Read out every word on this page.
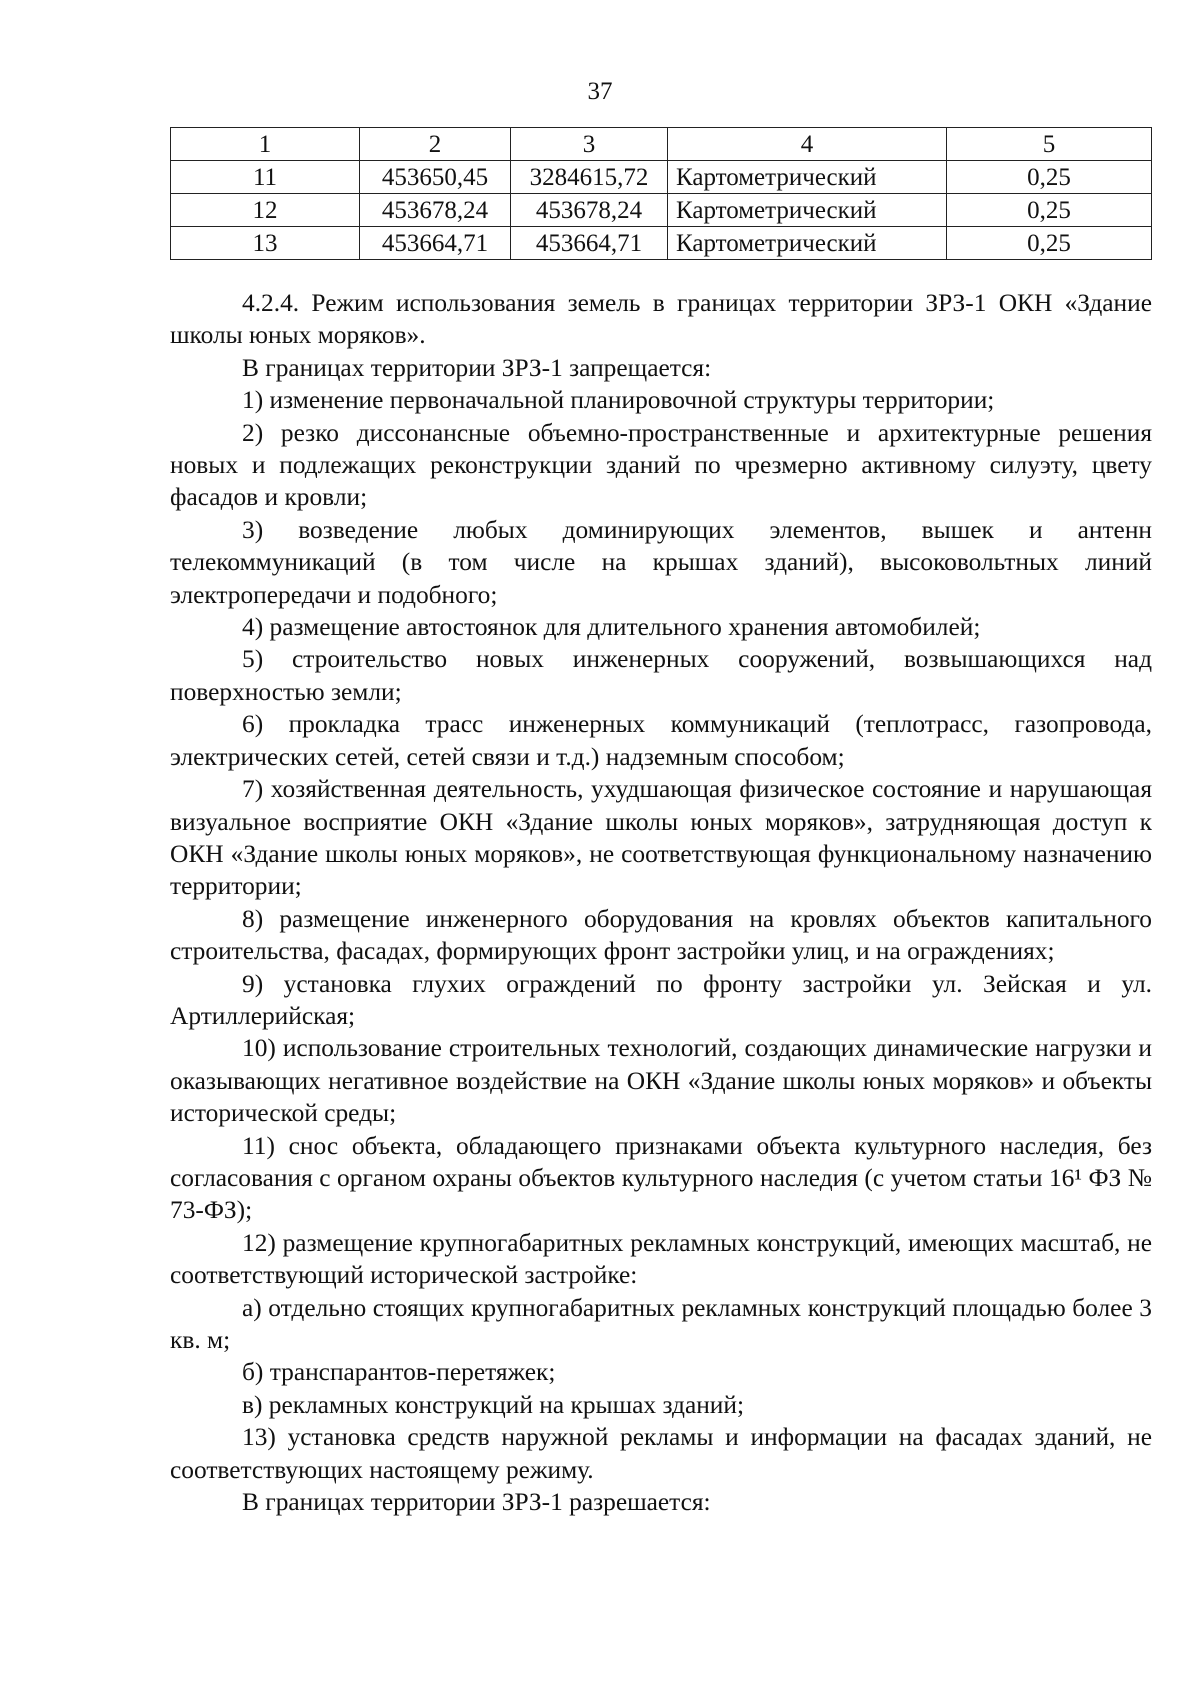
37
1	2	3	4	5
11	453650,45	3284615,72	Картометрический	0,25
12	453678,24	453678,24	Картометрический	0,25
13	453664,71	453664,71	Картометрический	0,25

4.2.4. Режим использования земель в границах территории ЗРЗ-1 ОКН «Здание школы юных моряков».

В границах территории ЗРЗ-1 запрещается:

1) изменение первоначальной планировочной структуры территории;

2) резко диссонансные объемно-пространственные и архитектурные решения новых и подлежащих реконструкции зданий по чрезмерно активному силуэту, цвету фасадов и кровли;

3) возведение любых доминирующих элементов, вышек и антенн телекоммуникаций (в том числе на крышах зданий), высоковольтных линий электропередачи и подобного;

4) размещение автостоянок для длительного хранения автомобилей;

5) строительство новых инженерных сооружений, возвышающихся над поверхностью земли;

6) прокладка трасс инженерных коммуникаций (теплотрасс, газопровода, электрических сетей, сетей связи и т.д.) надземным способом;

7) хозяйственная деятельность, ухудшающая физическое состояние и нарушающая визуальное восприятие ОКН «Здание школы юных моряков», затрудняющая доступ к ОКН «Здание школы юных моряков», не соответствующая функциональному назначению территории;

8) размещение инженерного оборудования на кровлях объектов капитального строительства, фасадах, формирующих фронт застройки улиц, и на ограждениях;

9) установка глухих ограждений по фронту застройки ул. Зейская и ул. Артиллерийская;

10) использование строительных технологий, создающих динамические нагрузки и оказывающих негативное воздействие на ОКН «Здание школы юных моряков» и объекты исторической среды;

11) снос объекта, обладающего признаками объекта культурного наследия, без согласования с органом охраны объектов культурного наследия (с учетом статьи 16¹ ФЗ № 73-ФЗ);

12) размещение крупногабаритных рекламных конструкций, имеющих масштаб, не соответствующий исторической застройке:

а) отдельно стоящих крупногабаритных рекламных конструкций площадью более 3 кв. м;

б) транспарантов-перетяжек;

в) рекламных конструкций на крышах зданий;

13) установка средств наружной рекламы и информации на фасадах зданий, не соответствующих настоящему режиму.

В границах территории ЗРЗ-1 разрешается:
